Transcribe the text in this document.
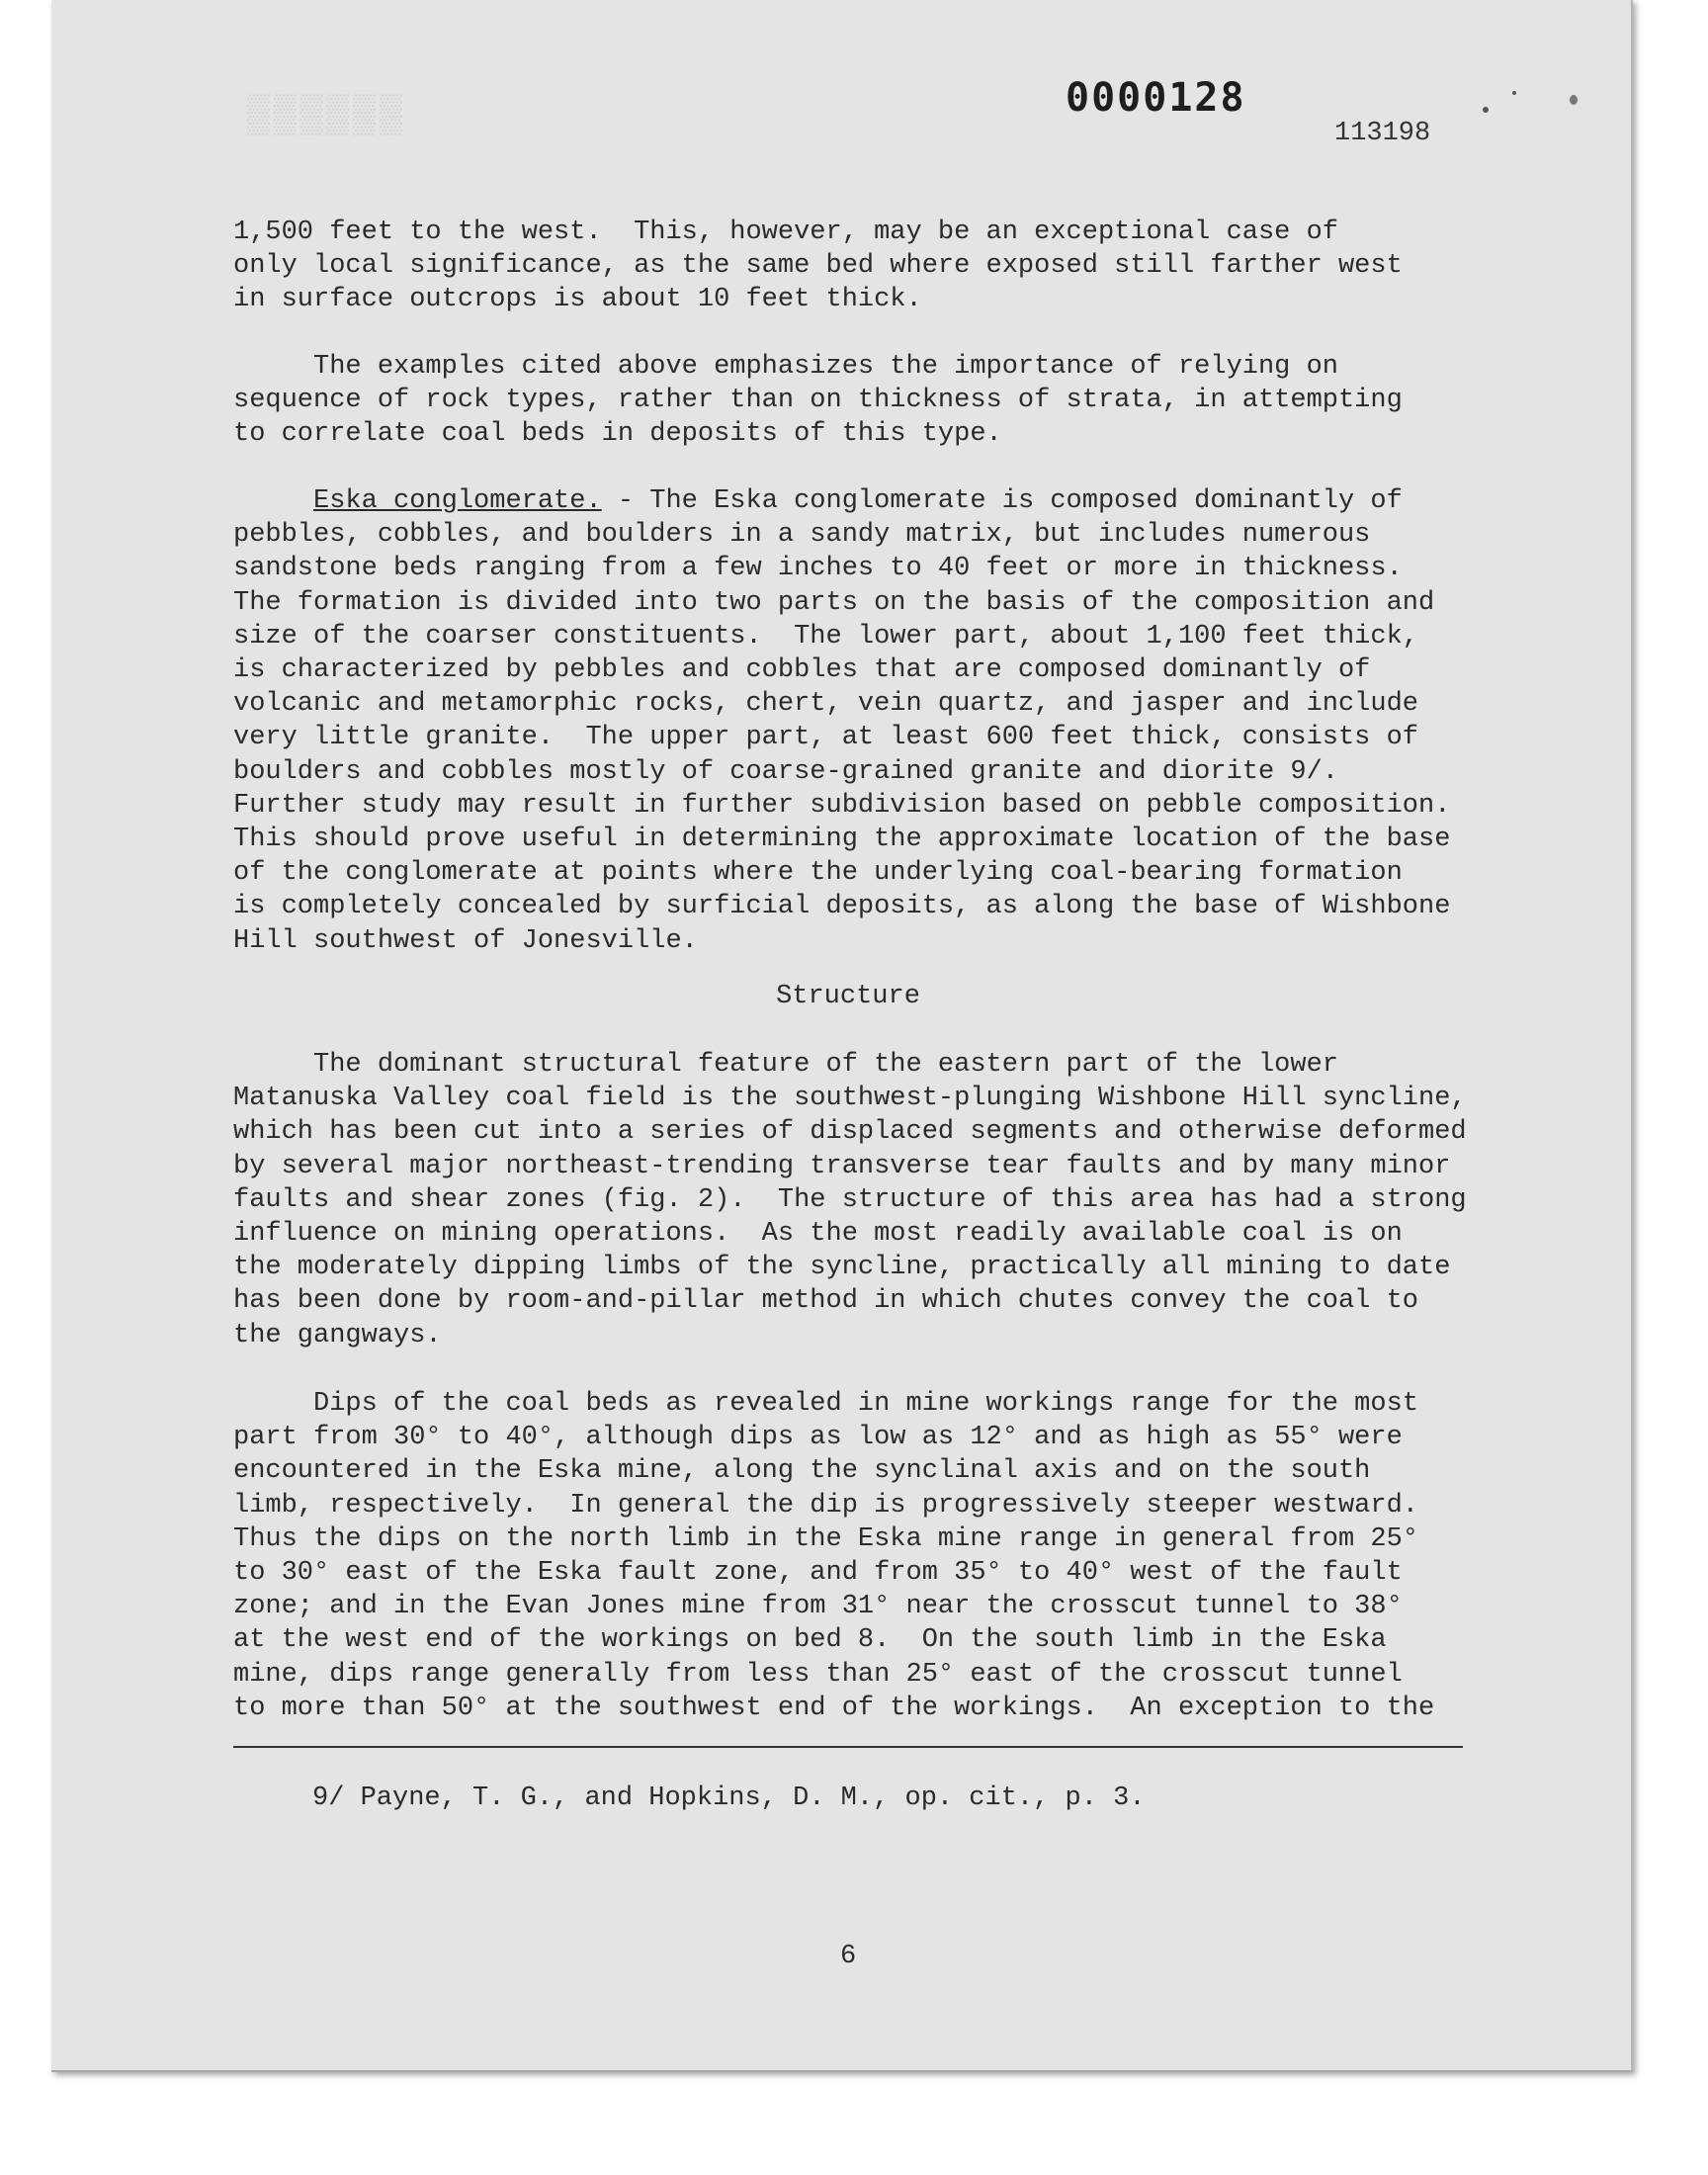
▒▒▒▒▒▒	0000128
113198
1,500 feet to the west.  This, however, may be an exceptional case of
only local significance, as the same bed where exposed still farther west
in surface outcrops is about 10 feet thick.
The examples cited above emphasizes the importance of relying on
sequence of rock types, rather than on thickness of strata, in attempting
to correlate coal beds in deposits of this type.
Eska conglomerate. - The Eska conglomerate is composed dominantly of
pebbles, cobbles, and boulders in a sandy matrix, but includes numerous
sandstone beds ranging from a few inches to 40 feet or more in thickness.
The formation is divided into two parts on the basis of the composition and
size of the coarser constituents.  The lower part, about 1,100 feet thick,
is characterized by pebbles and cobbles that are composed dominantly of
volcanic and metamorphic rocks, chert, vein quartz, and jasper and include
very little granite.  The upper part, at least 600 feet thick, consists of
boulders and cobbles mostly of coarse-grained granite and diorite 9/.
Further study may result in further subdivision based on pebble composition.
This should prove useful in determining the approximate location of the base
of the conglomerate at points where the underlying coal-bearing formation
is completely concealed by surficial deposits, as along the base of Wishbone
Hill southwest of Jonesville.
Structure
The dominant structural feature of the eastern part of the lower
Matanuska Valley coal field is the southwest-plunging Wishbone Hill syncline,
which has been cut into a series of displaced segments and otherwise deformed
by several major northeast-trending transverse tear faults and by many minor
faults and shear zones (fig. 2).  The structure of this area has had a strong
influence on mining operations.  As the most readily available coal is on
the moderately dipping limbs of the syncline, practically all mining to date
has been done by room-and-pillar method in which chutes convey the coal to
the gangways.
Dips of the coal beds as revealed in mine workings range for the most
part from 30° to 40°, although dips as low as 12° and as high as 55° were
encountered in the Eska mine, along the synclinal axis and on the south
limb, respectively.  In general the dip is progressively steeper westward.
Thus the dips on the north limb in the Eska mine range in general from 25°
to 30° east of the Eska fault zone, and from 35° to 40° west of the fault
zone; and in the Evan Jones mine from 31° near the crosscut tunnel to 38°
at the west end of the workings on bed 8.  On the south limb in the Eska
mine, dips range generally from less than 25° east of the crosscut tunnel
to more than 50° at the southwest end of the workings.  An exception to the
9/ Payne, T. G., and Hopkins, D. M., op. cit., p. 3.
6
